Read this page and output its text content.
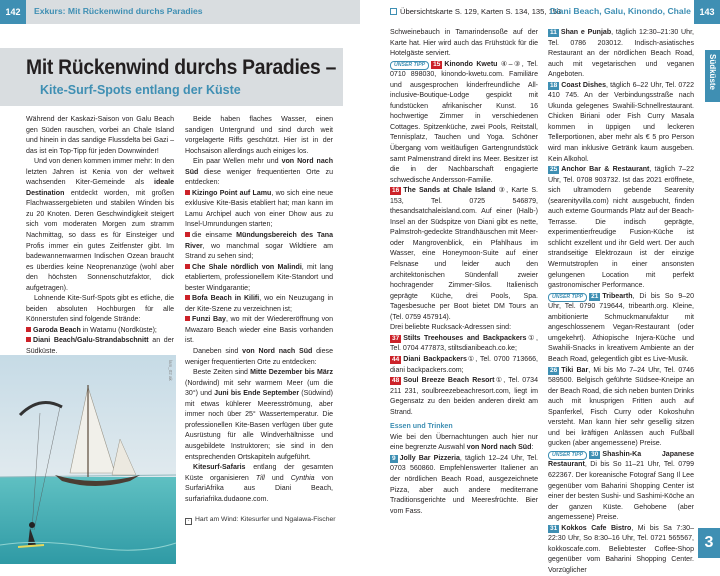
142	Exkurs: Mit Rückenwind durchs Paradies
Mit Rückenwind durchs Paradies –
Kite-Surf-Spots entlang der Küste

Während der Kaskazi-Saison von Galu Beach gen Süden rauschen, vorbei an Chale Island und hinein in das sandige Flussdelta bei Gazi – das ist ein Top-Tipp für jeden Downwinder!

Und von denen kommen immer mehr: In den letzten Jahren ist Kenia von der weltweit wachsenden Kiter-Gemeinde als ideale Destination entdeckt worden, mit großen Flachwassergebieten und stabilen Winden bis zu 20 Knoten. Deren Geschwindigkeit steigert sich vom moderaten Morgen zum stramm Nachmittag, so dass es für Einsteiger und Profis immer ein gutes Zeitfenster gibt. Im badewannenwarmen Indischen Ozean braucht es überdies keine Neoprenanzüge (wohl aber den höchsten Sonnenschutzfaktor, dick aufgetragen).

Lohnende Kite-Surf-Spots gibt es etliche, die beiden absoluten Hochburgen für alle Könnerstufen sind folgende Strände:

Garoda Beach in Watamu (Nordküste);

Diani Beach/Galu-Strandabschnitt an der Südküste.

Beide haben flaches Wasser, einen sandigen Untergrund und sind durch weit vorgelagerte Riffs geschützt. Hier ist in der Hochsaison allerdings auch einiges los.

Ein paar Wellen mehr und von Nord nach Süd diese weniger frequentierten Orte zu entdecken:

Kizingo Point auf Lamu, wo sich eine neue exklusive Kite-Basis etabliert hat; man kann im Lamu Archipel auch von einer Dhow aus zu Insel-Umrundungen starten;

die einsame Mündungsbereich des Tana River, wo manchmal sogar Wildtiere am Strand zu sehen sind;

Che Shale nördlich von Malindi, mit lang etabliertem, professionellem Kite-Standort und bester Windgarantie;

Bofa Beach in Kilifi, wo ein Neuzugang in der Kite-Szene zu verzeichnen ist;

Funzi Bay, wo mit der Wiedereröffnung von Mwazaro Beach wieder eine Basis vorhanden ist.

Daneben sind von Nord nach Süd diese weniger frequentierten Orte zu entdecken:

Beste Zeiten sind Mitte Dezember bis März (Nordwind) mit sehr warmem Meer (um die 30°) und Juni bis Ende September (Südwind) mit etwas kühlerer Meeresströmung, aber immer noch über 25° Wassertemperatur. Die professionellen Kite-Basen verfügen über gute Ausrüstung für alle Windverhältnisse und ausgebildete Instruktoren; sie sind in den entsprechenden Ortskapiteln aufgeführt.

Kitesurf-Safaris entlang der gesamten Küste organisieren Till und Cynthia von SurfariAfrika aus Diani Beach, surfariafrika.dudaone.com.

lam_02 ak
◦ Hart am Wind: Kitesurfer und Ngalawa-Fischer
Übersichtskarte S. 129, Karten S. 134, 135, 153
Diani Beach, Galu, Kinondo, Chale 143

Schweinebauch in Tamarindensoße auf der Karte hat. Hier wird auch das Frühstück für die Hotelgäste serviert.

UNSER TIPP 15 Kinondo Kwetu ④–③, Tel. 0710 898030, kinondo-kwetu.com. Familiäre und ausgesprochen kinderfreundliche All-inclusive-Boutique-Lodge gespickt mit fundstücken afrikanischer Kunst. 16 hochwertige Zimmer in verschiedenen Cottages. Spitzenküche, zwei Pools, Reitstall, Tennisplatz, Tauchen und Yoga. Schöner Übergang vom weitläufigen Gartengrundstück samt Palmenstrand direkt ins Meer. Besitzer ist die in der Nachbarschaft engagierte schwedische Andersson-Familie.

16 The Sands at Chale Island ③, Karte S. 153, Tel. 0725 546879, thesandsatchaleisland.com. Auf einer (Halb-) Insel an der Südspitze von Diani gibt es nette, Palmstroh-gedeckte Strandhäuschen mit Meer- oder Mangrovenblick, ein Pfahlhaus im Wasser, eine Honeymoon-Suite auf einer Felsnase und leider auch den architektonischen Sündenfall zweier hochragender Zimmer-Silos. Italienisch geprägte Küche, drei Pools, Spa. Tagesbesuche per Boot bietet DM Tours an (Tel. 0759 457914).

Drei beliebte Rucksack-Adressen sind:

37 Stilts Treehouses and Backpackers①, Tel. 0704 477873, stiltsdianibeach.co.ke;

44 Diani Backpackers①, Tel. 0700 713666, diani backpackers.com;

48 Soul Breeze Beach Resort①, Tel. 0734 211 231, soulbreezebeachresort.com, liegt im Gegensatz zu den beiden anderen direkt am Strand.

Essen und Trinken

Wie bei den Übernachtungen auch hier nur eine begrenzte Auswahl von Nord nach Süd:

9 Jolly Bar Pizzeria, täglich 12–24 Uhr, Tel. 0703 560860. Empfehlenswerter Italiener an der nördlichen Beach Road, ausgezeichnete Pizza, aber auch andere mediterrane Traditionsgerichte und Meeresfrüchte. Bier vom Fass.

11 Shan e Punjab, täglich 12:30–21:30 Uhr, Tel. 0786 203012. Indisch-asiatisches Restaurant an der nördlichen Beach Road, auch mit vegetarischen und veganen Angeboten.

18 Coast Dishes, täglich 6–22 Uhr, Tel. 0722 410 745. An der Verbindungsstraße nach Ukunda gelegenes Swahili-Schnellrestaurant. Chicken Biriani oder Fish Curry Masala kommen in üppigen und leckeren Tellerportionen, aber mehr als € 5 pro Person wird man inklusive Getränk kaum ausgeben. Kein Alkohol.

25 Anchor Bar & Restaurant, täglich 7–22 Uhr, Tel. 0708 903732. Ist das 2021 eröffnete, sich ultramodern gebende Searenity (searenityvilla.com) nicht ausgebucht, finden auch externe Gourmands Platz auf der Beach-Terrasse. Die indisch geprägte, experimentierfreudige Fusion-Küche ist schlicht exzellent und ihr Geld wert. Der auch strandseitige Elektrozaun ist der einzige Wermutstropfen in einer ansonsten gelungenen Location mit perfekt gastronomischer Performance.

UNSER TIPP 21 Tribearth, Di bis So 9–20 Uhr, Tel. 0790 719644, tribearth.org. Kleine, ambitionierte Schmuckmanufaktur mit angeschlossenem Vegan-Restaurant (oder umgekehrt). Äthiopische Injera-Küche und Swahili-Snacks in kreativem Ambiente an der Beach Road, gelegentlich gibt es Live-Musik.

26 Tiki Bar, Mi bis Mo 7–24 Uhr, Tel. 0746 589500. Belgisch geführte Südsee-Kneipe an der Beach Road, die sich neben bunten Drinks auch mit knusprigen Fritten auch auf Spanferkel, Fisch Curry oder Kokoshuhn versteht. Man kann hier sehr gesellig sitzen und bei kräftigen Anlässen auch Fußball gucken (aber angemessene) Preise.

UNSER TIPP 30 Shashin-Ka Japanese Restaurant, Di bis So 11–21 Uhr, Tel. 0799 622367. Der koreanische Fotograf Sang Il Lee gegenüber vom Baharini Shopping Center ist einer der besten Sushi- und Sashimi-Köche an der ganzen Küste. Gehobene (aber angemessene) Preise.

31 Kokkos Cafe Bistro, Mi bis Sa 7:30–22:30 Uhr, So 8:30–16 Uhr, Tel. 0721 565567, kokkoscafe.com. Beliebtester Coffee-Shop gegenüber vom Baharini Shopping Center. Vorzüglicher

Südküste
3
